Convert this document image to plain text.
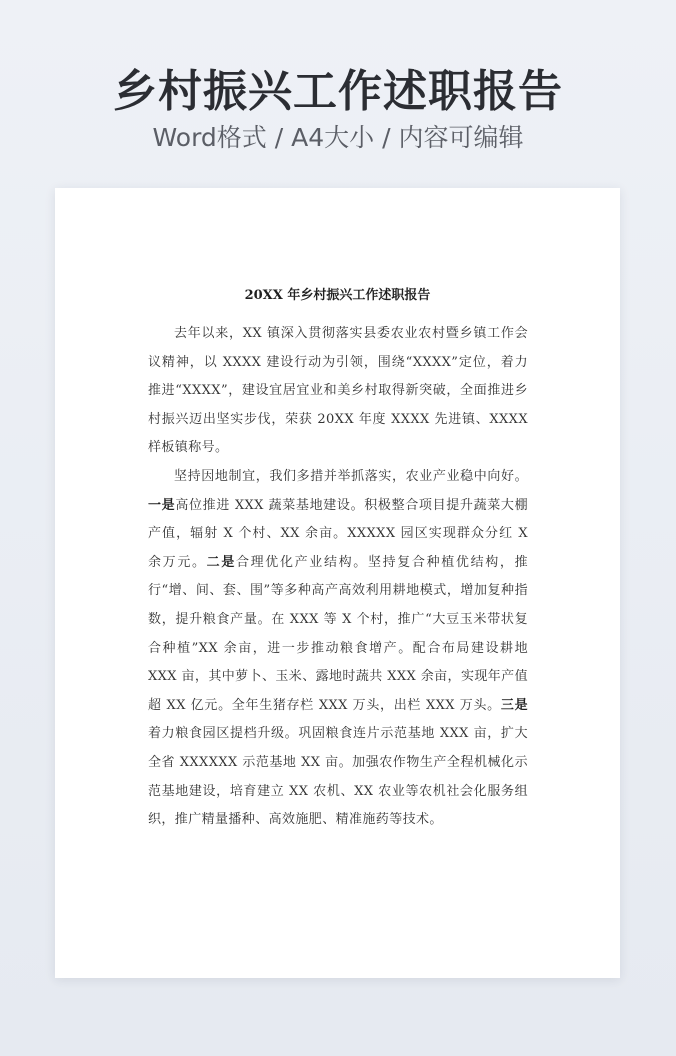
乡村振兴工作述职报告
Word格式 / A4大小 / 内容可编辑
20XX 年乡村振兴工作述职报告

去年以来，XX 镇深入贯彻落实县委农业农村暨乡镇工作会议精神，以 XXXX 建设行动为引领，围绕“XXXX”定位，着力推进“XXXX”，建设宜居宜业和美乡村取得新突破，全面推进乡村振兴迈出坚实步伐，荣获 20XX 年度 XXXX 先进镇、XXXX 样板镇称号。

坚持因地制宜，我们多措并举抓落实，农业产业稳中向好。一是高位推进 XXX 蔬菜基地建设。积极整合项目提升蔬菜大棚产值，辐射 X 个村、XX 余亩。XXXXX 园区实现群众分红 X 余万元。二是合理优化产业结构。坚持复合种植优结构，推行“增、间、套、围”等多种高产高效利用耕地模式，增加复种指数，提升粮食产量。在 XXX 等 X 个村，推广“大豆玉米带状复合种植”XX 余亩，进一步推动粮食增产。配合布局建设耕地 XXX 亩，其中萝卜、玉米、露地时蔬共 XXX 余亩，实现年产值超 XX 亿元。全年生猪存栏 XXX 万头，出栏 XXX 万头。三是着力粮食园区提档升级。巩固粮食连片示范基地 XXX 亩，扩大全省 XXXXXX 示范基地 XX 亩。加强农作物生产全程机械化示范基地建设，培育建立 XX 农机、XX 农业等农机社会化服务组织，推广精量播种、高效施肥、精准施药等技术。
